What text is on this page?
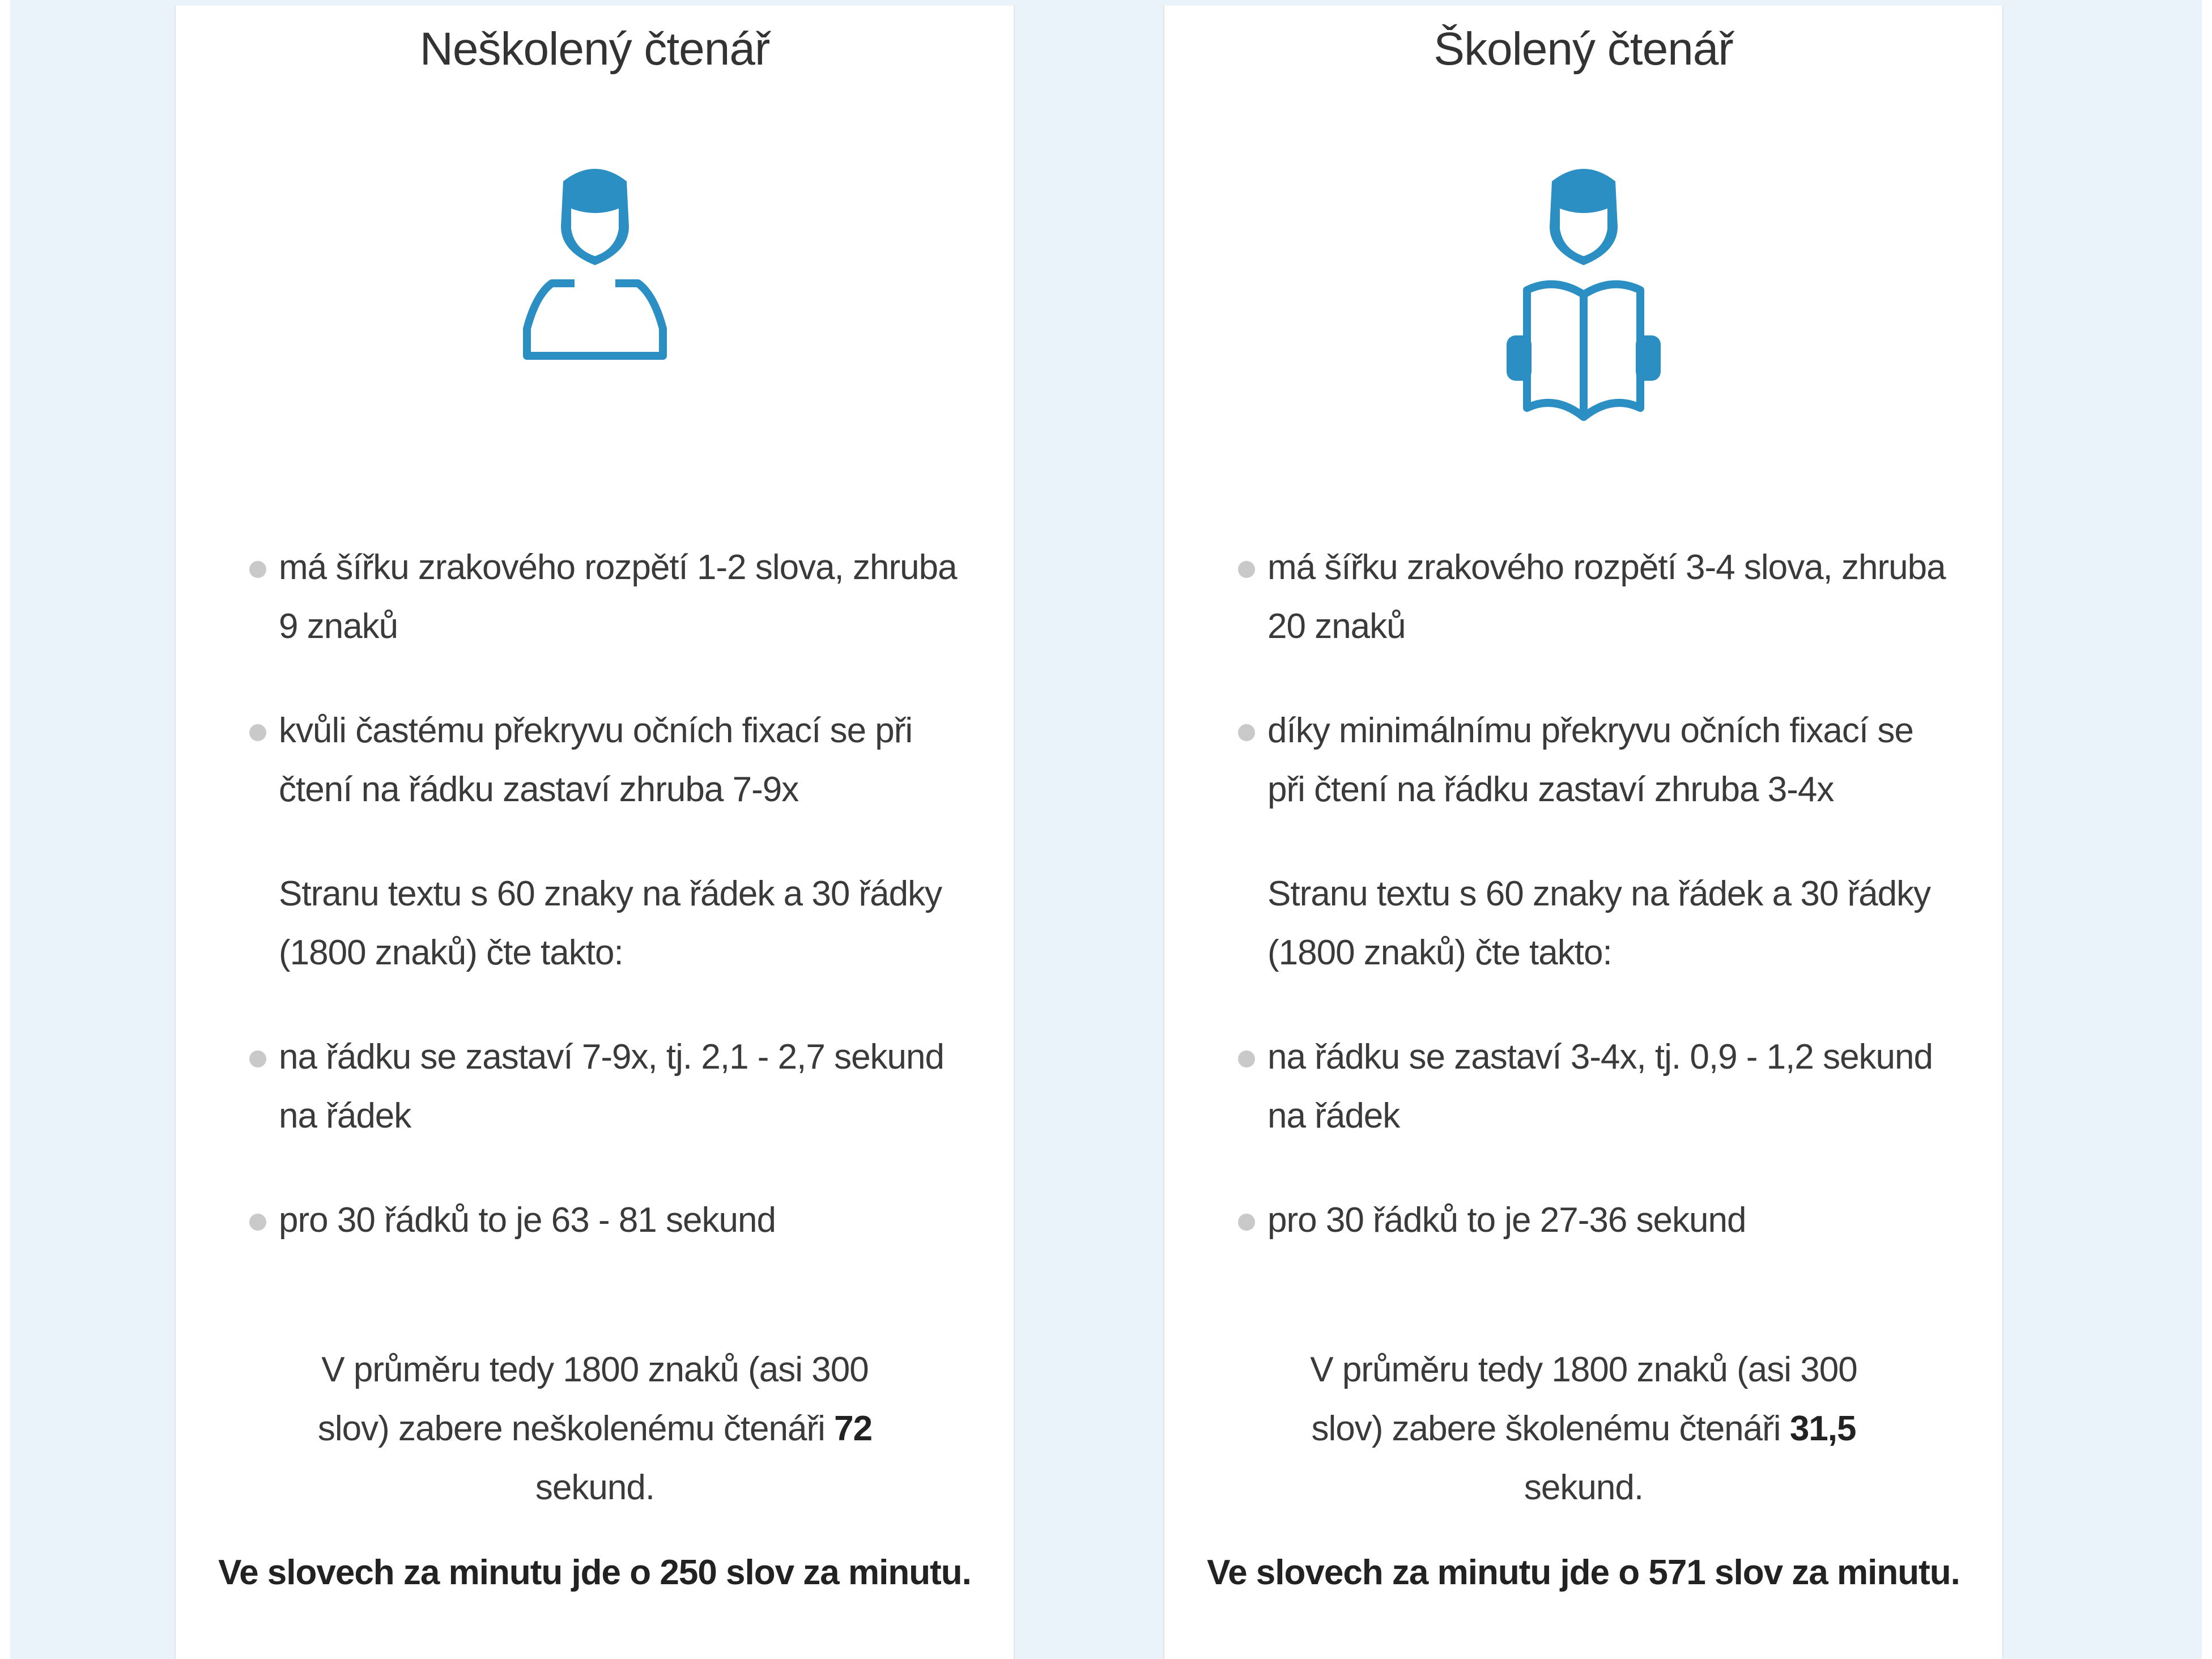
Neškolený čtenář
má šířku zrakového rozpětí 1-2 slova, zhruba
9 znaků
kvůli častému překryvu očních fixací se při
čtení na řádku zastaví zhruba 7-9x
Stranu textu s 60 znaky na řádek a 30 řádky
(1800 znaků) čte takto:
na řádku se zastaví 7-9x, tj. 2,1 - 2,7 sekund
na řádek
pro 30 řádků to je 63 - 81 sekund
V průměru tedy 1800 znaků (asi 300
slov) zabere neškolenému čtenáři 72
sekund.
Ve slovech za minutu jde o 250 slov za minutu.
Školený čtenář
má šířku zrakového rozpětí 3-4 slova, zhruba
20 znaků
díky minimálnímu překryvu očních fixací se
při čtení na řádku zastaví zhruba 3-4x
Stranu textu s 60 znaky na řádek a 30 řádky
(1800 znaků) čte takto:
na řádku se zastaví 3-4x, tj. 0,9 - 1,2 sekund
na řádek
pro 30 řádků to je 27-36 sekund
V průměru tedy 1800 znaků (asi 300
slov) zabere školenému čtenáři 31,5
sekund.
Ve slovech za minutu jde o 571 slov za minutu.
